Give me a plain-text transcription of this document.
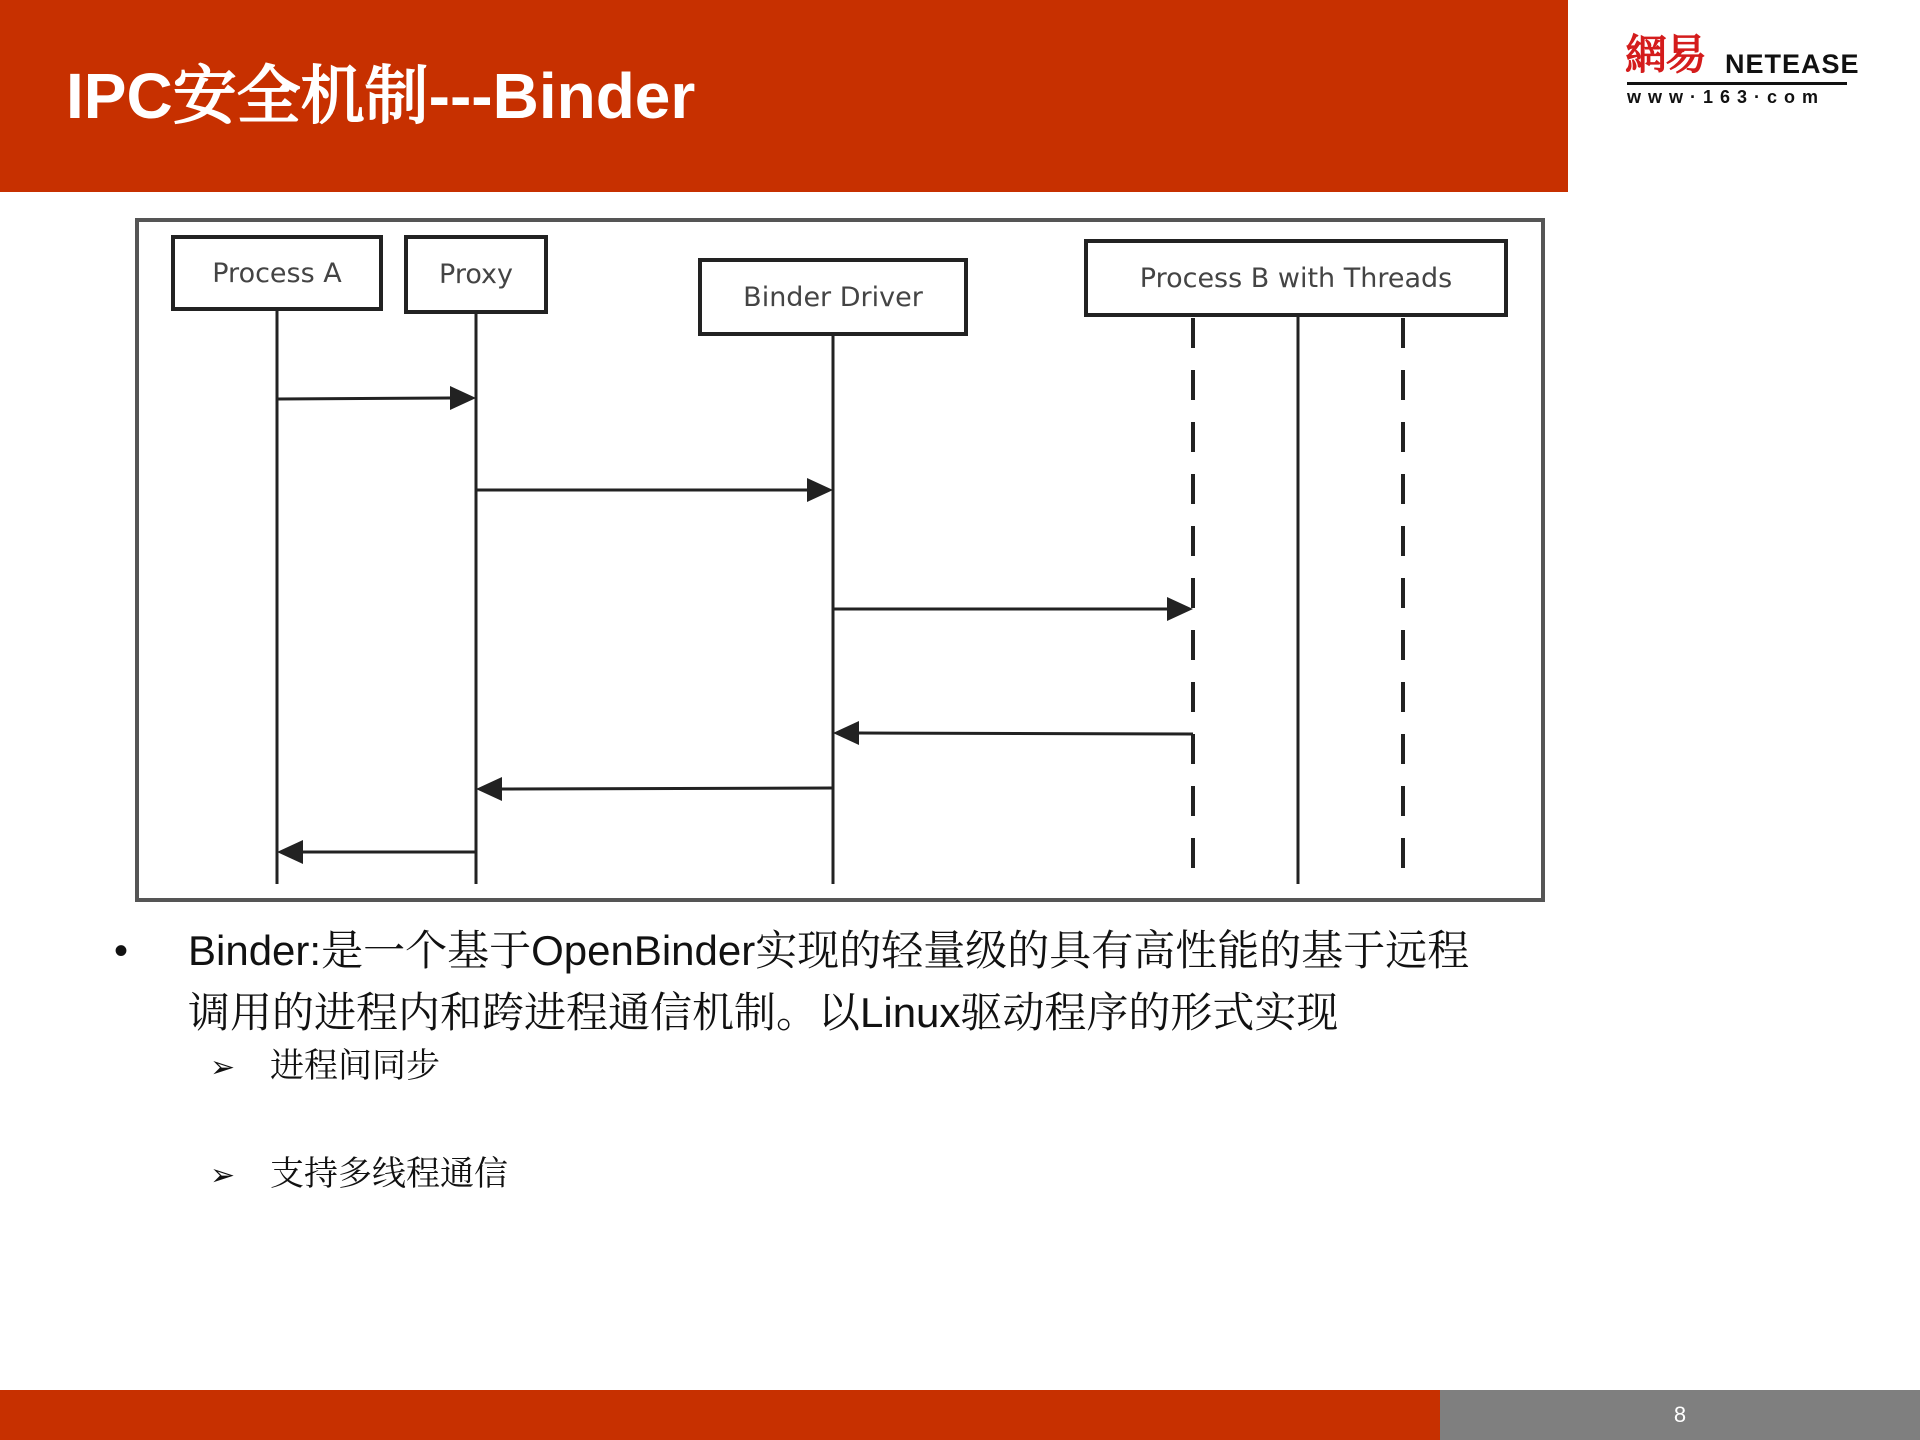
IPC安全机制---Binder
網易 NETEASE
www·163·com
Process A	Proxy
Binder Driver
Process B with Threads
• Binder:是一个基于OpenBinder实现的轻量级的具有高性能的基于远程
调用的进程内和跨进程通信机制。以Linux驱动程序的形式实现
➢ 进程间同步
➢ 支持多线程通信
8
